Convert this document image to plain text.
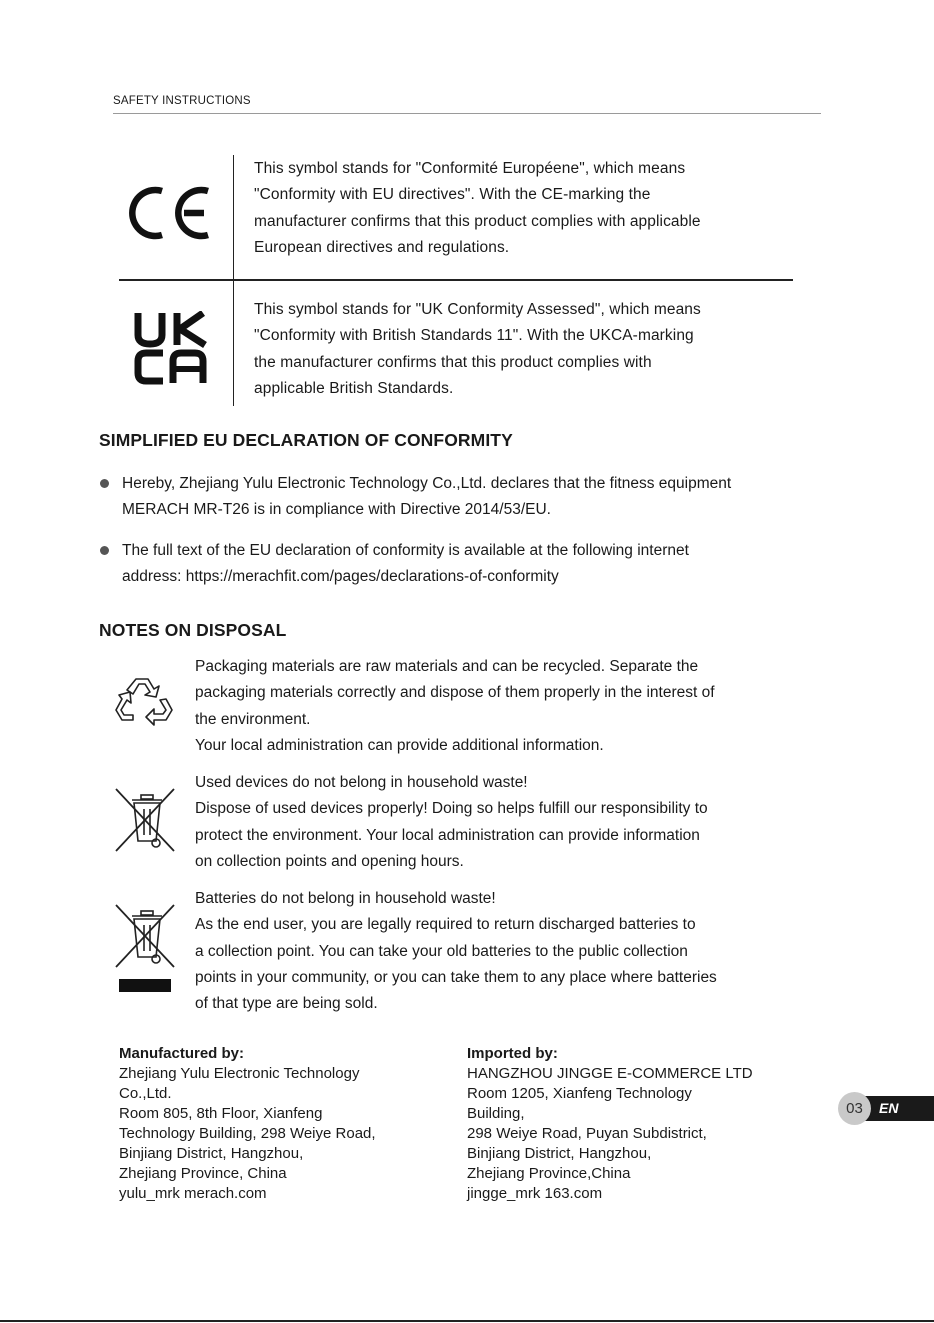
SAFETY INSTRUCTIONS
This symbol stands for "Conformité Européene", which means
"Conformity with EU directives". With the CE-marking the
manufacturer confirms that this product complies with applicable
European directives and regulations.
UK	This symbol stands for "UK Conformity Assessed", which means
"Conformity with British Standards 11". With the UKCA-marking
the manufacturer confirms that this product complies with
applicable British Standards.
SIMPLIFIED EU DECLARATION OF CONFORMITY
Hereby, Zhejiang Yulu Electronic Technology Co.,Ltd. declares that the fitness equipment
MERACH MR-T26 is in compliance with Directive 2014/53/EU.
The full text of the EU declaration of conformity is available at the following internet
address: https://merachfit.com/pages/declarations-of-conformity
NOTES ON DISPOSAL
Packaging materials are raw materials and can be recycled. Separate the
packaging materials correctly and dispose of them properly in the interest of
the environment.
Your local administration can provide additional information.
Used devices do not belong in household waste!
Dispose of used devices properly! Doing so helps fulfill our responsibility to
protect the environment. Your local administration can provide information
on collection points and opening hours.
Batteries do not belong in household waste!
As the end user, you are legally required to return discharged batteries to
a collection point. You can take your old batteries to the public collection
points in your community, or you can take them to any place where batteries
of that type are being sold.
Manufactured by:
Zhejiang Yulu Electronic Technology
Co.,Ltd.
Room 805, 8th Floor, Xianfeng
Technology Building, 298 Weiye Road,
Binjiang District, Hangzhou,
Zhejiang Province, China
yulu_mrk merach.com
Imported by:
HANGZHOU JINGGE E-COMMERCE LTD
Room 1205, Xianfeng Technology
Building,
298 Weiye Road, Puyan Subdistrict,
Binjiang District, Hangzhou,
Zhejiang Province,China
jingge_mrk 163.com
EN
03
